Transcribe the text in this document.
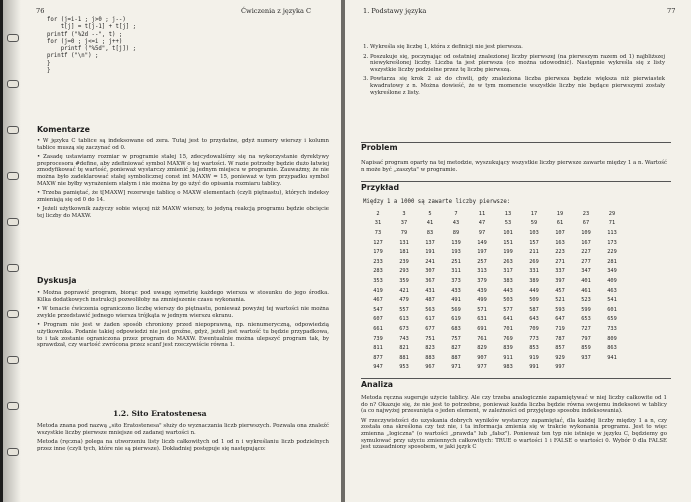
76	Ćwiczenia z języka C
for (j=i-1 ; j>0 ; j--)
t[j] = t[j-1] + t[j] ;
printf ("%2d --", t) ;
for (j=0 ; j<=i ; j++)
printf ("%5d", t[j]) ;
printf ("\n") ;
}
}
Komentarze

• W języku C tablice są indeksowane od zera. Tutaj jest to przydatne, gdyż numery wierszy i kolumn tablice muszą się zaczynać od 0.

• Zasadę ustawiamy rozmiar w programie stałej 15, zdecydowaliśmy się na wykorzystanie dyrektywy preprocesora #define, aby zdefiniować symbol MAXW o tej wartości. W razie potrzeby będzie dużo łatwiej zmodyfikować tę wartość, ponieważ wystarczy zmienić ją jednym miejscu w programie. Zauważmy, że nie można było zadeklarować stałej symbolicznej const int MAXW = 15, ponieważ w tym przypadku symbol MAXW nie byłby wyrażeniem stałym i nie można by go użyć do opisania rozmiaru tablicy.

• Trzeba pamiętać, że t[MAXW] rezerwuje tablicę o MAXW elementach (czyli piętnastu), których indeksy zmieniają się od 0 do 14.

• Jeżeli użytkownik zażyczy sobie więcej niż MAXW wierszy, to jedyną reakcją programu będzie obcięcie tej liczby do MAXW.

Dyskusja

• Można poprawić program, biorąc pod uwagę symetrię każdego wiersza w stosunku do jego środka. Kilka dodatkowych instrukcji pozwoliłoby na zmniejszenie czasu wykonania.

• W tenacie ćwiczenia ograniczono liczbę wierszy do piętnastu, ponieważ powyżej tej wartości nie można zwykle przedstawić jednego wiersza trójkąta w jednym wierszu ekranu.

• Program nie jest w żaden sposób chroniony przed niepoprawną, np. nienumeryczną, odpowiedzią użytkownika. Podanie takiej odpowiedzi nie jest groźne, gdyż, jeżeli jest wartość tu będzie przypadkowa, to i tak zostanie ograniczona przez program do MAXW. Ewentualnie można ulepszyć program tak, by sprawdzał, czy wartość zwrócona przez scanf jest rzeczywiście równa 1.

1.2. Sito Eratostenesa

Metoda znana pod nazwą „sito Eratostenesa" służy do wyznaczania liczb pierwszych. Pozwala ona znaleźć wszystkie liczby pierwsze mniejsze od zadanej wartości n.

Metoda (ręczna) polega na utworzeniu listy liczb całkowitych od 1 od n i wykreślaniu liczb podzielnych przez inne (czyli tych, które nie są pierwsze). Dokładniej postępuje się następująco:

1. Podstawy języka	77
1. Wykreśla się liczbę 1, która z definicji nie jest pierwsza.
2. Poszukuje się, poczynając od ostatniej znalezionej liczby pierwszej (na pierwszym razem od 1) najbliższej niewykreślonej liczby. Liczba ta jest pierwsza (co można udowodnić). Następnie wykreśla się z listy wszystkie liczby podzielne przez tę liczbę pierwszą.
3. Powtarza się krok 2 aż do chwili, gdy znaleziona liczba pierwsza będzie większa niż pierwiastek kwadratowy z n. Można dowieść, że w tym momencie wszystkie liczby nie będące pierwszymi zostały wykreślone z listy.
Problem

Napisać program oparty na tej metodzie, wyszukujący wszystkie liczby pierwsze zawarte między 1 a n. Wartość n może być „zaszyta" w programie.

Przykład
Między 1 a 1000 są zawarte liczby pierwsze:
2	3	5	7	11	13	17	19	23	29
31	37	41	43	47	53	59	61	67	71
73	79	83	89	97	101	103	107	109	113
127	131	137	139	149	151	157	163	167	173
179	181	191	193	197	199	211	223	227	229
233	239	241	251	257	263	269	271	277	281
283	293	307	311	313	317	331	337	347	349
353	359	367	373	379	383	389	397	401	409
419	421	431	433	439	443	449	457	461	463
467	479	487	491	499	503	509	521	523	541
547	557	563	569	571	577	587	593	599	601
607	613	617	619	631	641	643	647	653	659
661	673	677	683	691	701	709	719	727	733
739	743	751	757	761	769	773	787	797	809
811	821	823	827	829	839	853	857	859	863
877	881	883	887	907	911	919	929	937	941
947	953	967	971	977	983	991	997		
Analiza

Metoda ręczna sugeruje użycie tablicy. Ale czy trzeba analogicznie zapamiętywać w niej liczby całkowite od 1 do n? Okazuje się, że nie jest to potrzebne, ponieważ każda liczba będzie równa swojemu indeksowi w tablicy (a co najwyżej przesunięta o jeden element, w zależności od przyjętego sposobu indeksowania).

W rzeczywistości do uzyskania dobrych wyników wystarczy zapamiętać, dla każdej liczby między 1 a n, czy została ona skreślona czy też nie, i ta informacja zmienia się w trakcie wykonania programu. Jest to więc zmienna „logiczna" (o wartości „prawda" lub „fałsz"). Ponieważ ten typ nie istnieje w języku C, będziemy go symulować przy użyciu zmiennych całkowitych: TRUE o wartości 1 i FALSE o wartości 0. Wybór 0 dla FALSE jest uzasadniony sposobem, w jaki język C
